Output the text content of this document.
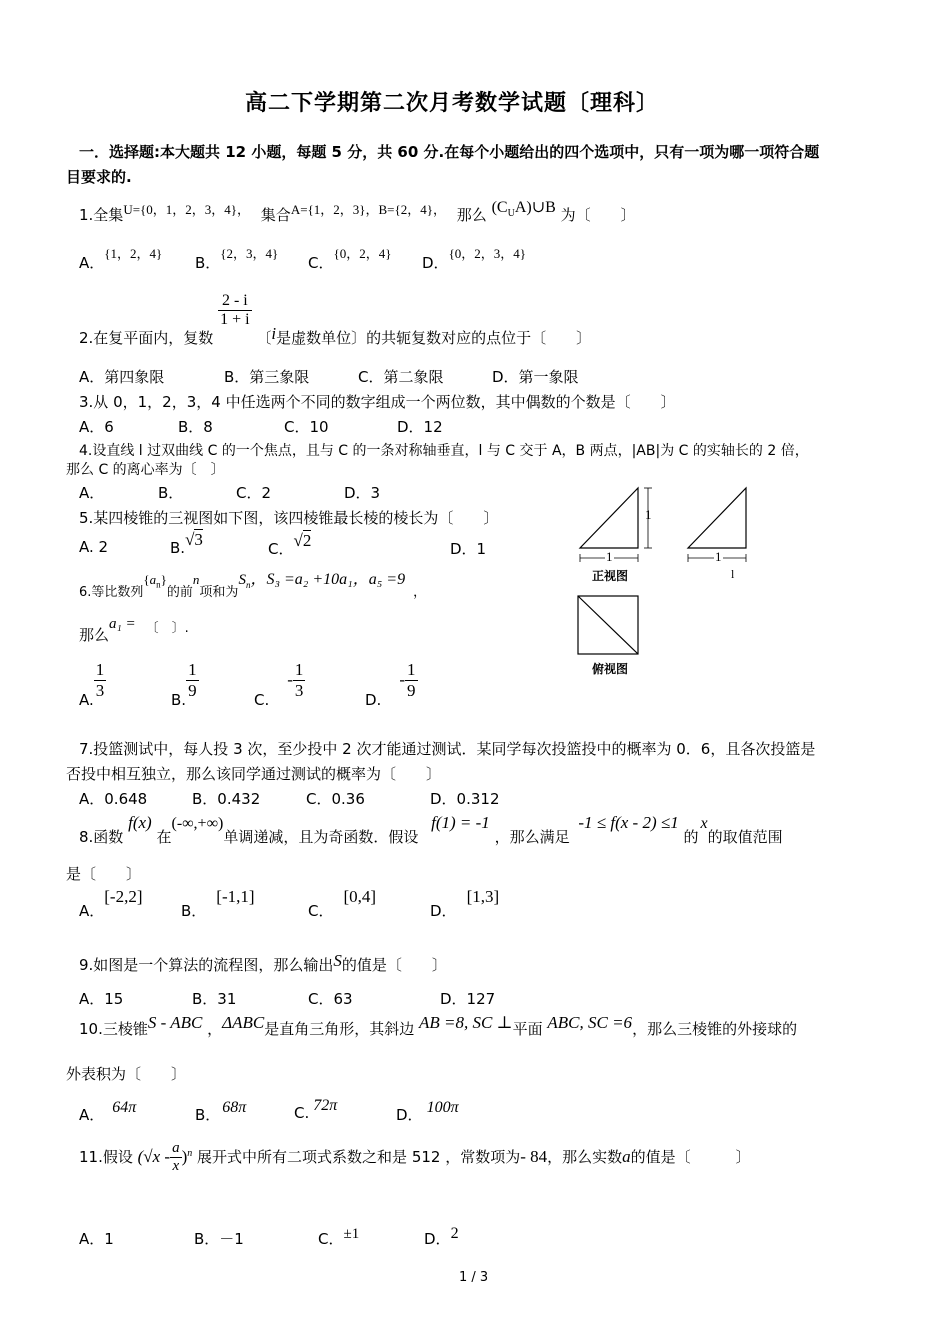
高二下学期第二次月考数学试题〔理科〕
一．选择题:本大题共 12 小题，每题 5 分，共 60 分.在每个小题给出的四个选项中，只有一项为哪一项符合题
目要求的.
1.全集U={0，1，2，3，4}， 集合A={1，2，3}，B={2，4}， 那么 $(C_UA)\cup B$ 为〔　　〕
A．{1，2，4}
B．{2，3，4}
C．{0，2，4}
D．{0，2，3，4}
2.在复平面内，复数
$\frac{2 - i}{1 + i}$
〔i是虚数单位〕的共轭复数对应的点位于〔　　〕
A．第四象限	B．第三象限	C．第二象限	D．第一象限
3.从 0，1，2，3，4 中任选两个不同的数字组成一个两位数，其中偶数的个数是〔　　〕
A．6	B．8	C．10	D．12
4.设直线 l 过双曲线 C 的一个焦点，且与 C 的一条对称轴垂直，l 与 C 交于 A，B 两点，|AB|为 C 的实轴长的 2 倍，
那么 C 的离心率为〔　〕
A．	B．	C．2	D．3
5.某四棱锥的三视图如下图，该四棱锥最长棱的棱长为〔　　〕
A. 2	B.√3	C．√2	D．1
1
1	1
正视图	l
俯视图
6.等比数列$\{a_n\}$的前n项和为$S_n$，S₃ =a₂ +10a₁，a₅ =9，
那么a₁ = 〔　〕.
A. $\frac{1}{3}$	B. $\frac{1}{9}$	$C.- \frac{1}{3}$	$D.- \frac{1}{9}$
7.投篮测试中，每人投 3 次，至少投中 2 次才能通过测试．某同学每次投篮投中的概率为 0．6，且各次投篮是
否投中相互独立，那么该同学通过测试的概率为〔　　〕
A．0.648	B．0.432	C．0.36	D．0.312
8.函数 f(x) 在(-∞,+∞)单调递减，且为奇函数．假设 f(1) = -1 ，那么满足 -1 ≤ f(x - 2) ≤1 的x的取值范围
是〔　　〕
A．[-2,2]
B．[-1,1]
C．[0,4]
D．[1,3]
9.如图是一个算法的流程图，那么输出S的值是〔　　〕
A．15	B．31	C．63	D．127
10.三棱锥S - ABC ，ΔABC是直角三角形，其斜边 AB =8, SC ⊥平面 ABC, SC =6，那么三棱锥的外接球的
外表积为〔　　〕
A． 64π	B． 68π	C. 72π
D． 100π
11.假设 $(√x - \frac{a}{x} )^n$ 展开式中所有二项式系数之和是 512 ，常数项为- 84，那么实数a的值是〔　　　〕
A．1	B．－1	C．±1	D．2
1 / 3
